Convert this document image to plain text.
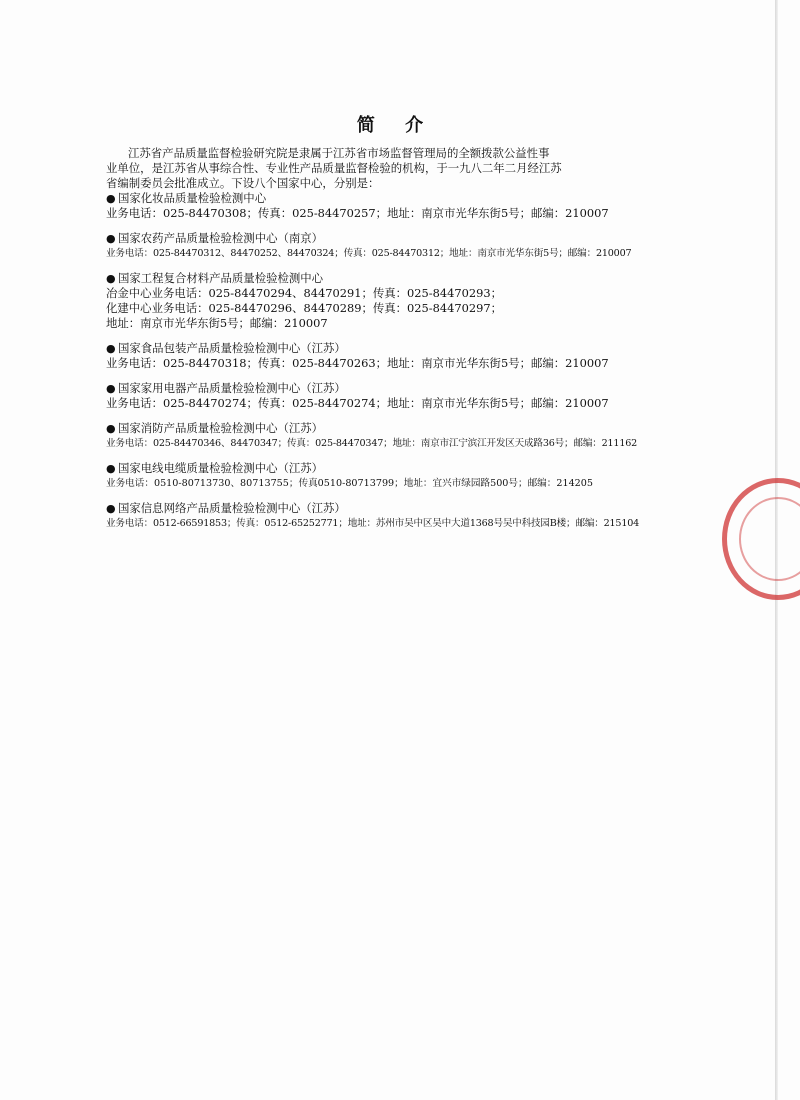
简 介

江苏省产品质量监督检验研究院是隶属于江苏省市场监督管理局的全额拨款公益性事
业单位，是江苏省从事综合性、专业性产品质量监督检验的机构，于一九八二年二月经江苏
省编制委员会批准成立。下设八个国家中心，分别是：

● 国家化妆品质量检验检测中心
业务电话：025-84470308；传真：025-84470257；地址：南京市光华东街5号；邮编：210007
● 国家农药产品质量检验检测中心（南京）
业务电话：025-84470312、84470252、84470324；传真：025-84470312；地址：南京市光华东街5号；邮编：210007
● 国家工程复合材料产品质量检验检测中心
冶金中心业务电话：025-84470294、84470291；传真：025-84470293；
化建中心业务电话：025-84470296、84470289；传真：025-84470297；
地址：南京市光华东街5号；邮编：210007
● 国家食品包装产品质量检验检测中心（江苏）
业务电话：025-84470318；传真：025-84470263；地址：南京市光华东街5号；邮编：210007
● 国家家用电器产品质量检验检测中心（江苏）
业务电话：025-84470274；传真：025-84470274；地址：南京市光华东街5号；邮编：210007
● 国家消防产品质量检验检测中心（江苏）
业务电话：025-84470346、84470347；传真：025-84470347；地址：南京市江宁滨江开发区天成路36号；邮编：211162
● 国家电线电缆质量检验检测中心（江苏）
业务电话：0510-80713730、80713755；传真0510-80713799；地址：宜兴市绿园路500号；邮编：214205
● 国家信息网络产品质量检验检测中心（江苏）
业务电话：0512-66591853；传真：0512-65252771；地址：苏州市吴中区吴中大道1368号吴中科技园B楼；邮编：215104
